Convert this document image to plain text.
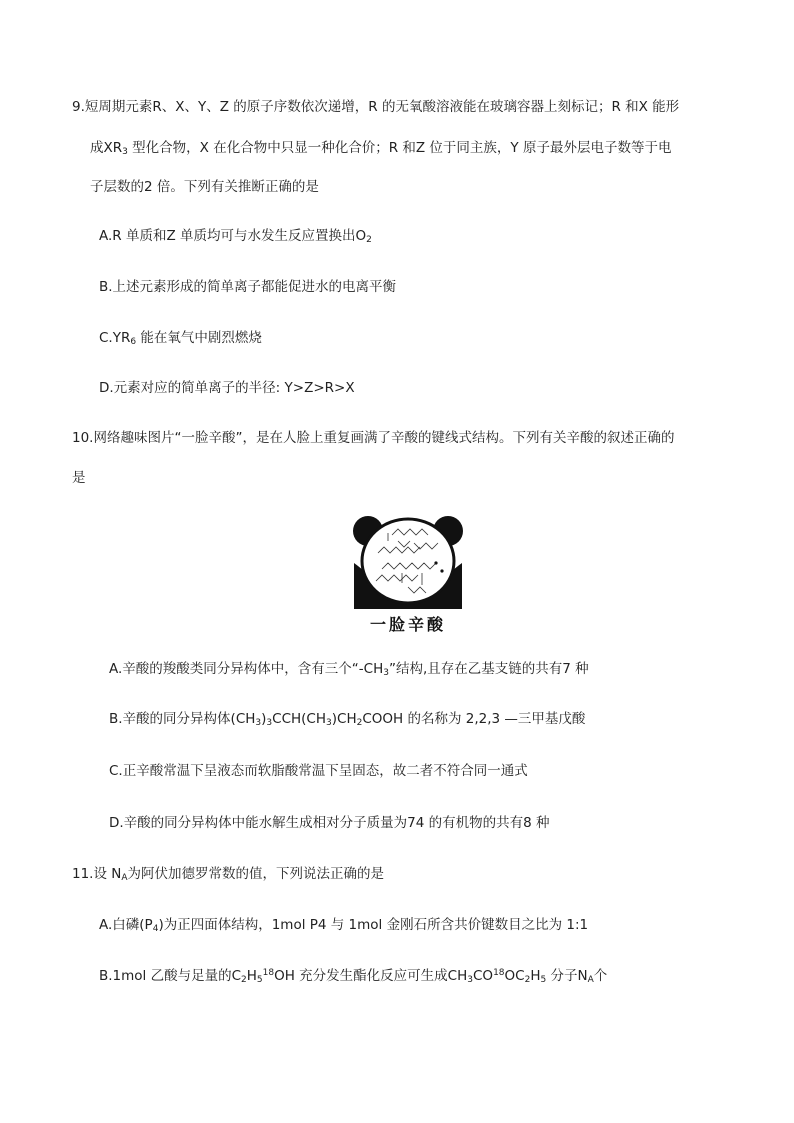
9.短周期元素R、X、Y、Z 的原子序数依次递增，R 的无氧酸溶液能在玻璃容器上刻标记；R 和X 能形
成$XR_3$ 型化合物，X 在化合物中只显一种化合价；R 和Z 位于同主族，Y 原子最外层电子数等于电
子层数的2 倍。下列有关推断正确的是
A.R 单质和Z 单质均可与水发生反应置换出$O_2$
B.上述元素形成的简单离子都能促进水的电离平衡
$C.YR_6$ 能在氧气中剧烈燃烧
D.元素对应的简单离子的半径: Y>Z>R>X
10.网络趣味图片“一脸辛酸”，是在人脸上重复画满了辛酸的键线式结构。下列有关辛酸的叙述正确的
是
一脸辛酸
A.辛酸的羧酸类同分异构体中，含有三个“$-CH_3$”结构,且存在乙基支链的共有7 种
B.辛酸的同分异构体$(CH_3)_3CCH(CH_3)CH_2COOH$ 的名称为 2,2,3 —三甲基戊酸
C.正辛酸常温下呈液态而软脂酸常温下呈固态，故二者不符合同一通式
D.辛酸的同分异构体中能水解生成相对分子质量为74 的有机物的共有8 种
11.设 $N_A$为阿伏加德罗常数的值，下列说法正确的是
A.白磷$(P_4)$为正四面体结构，1mol P4 与 1mol 金刚石所含共价键数目之比为 1:1
B.1mol 乙酸与足量的$C_2H_5^{18}OH$ 充分发生酯化反应可生成$CH_3CO^{18}OC_2H_5$ 分子$N_A$个
